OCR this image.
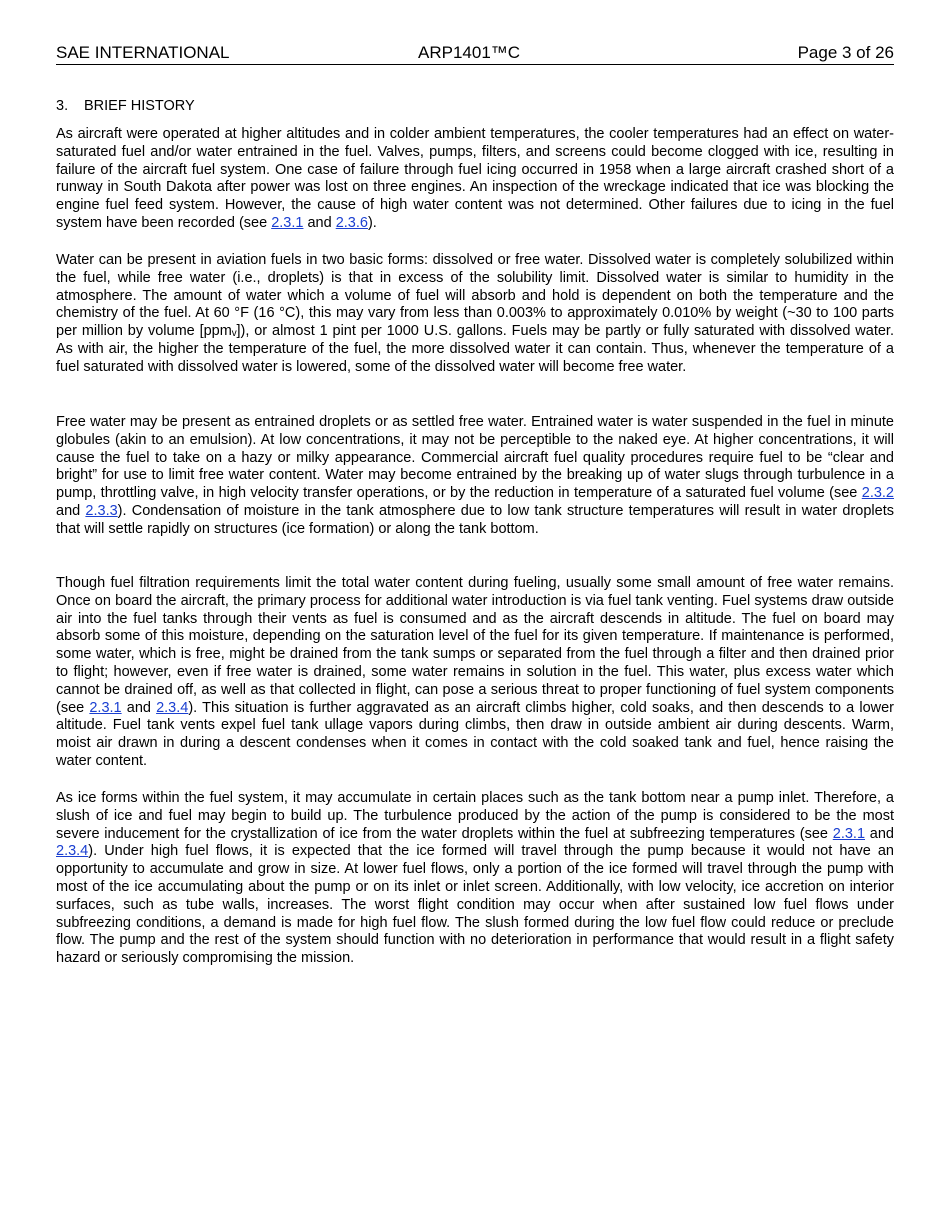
SAE INTERNATIONAL	ARP1401™C	Page 3 of 26
3. BRIEF HISTORY

As aircraft were operated at higher altitudes and in colder ambient temperatures, the cooler temperatures had an effect on water-saturated fuel and/or water entrained in the fuel. Valves, pumps, filters, and screens could become clogged with ice, resulting in failure of the aircraft fuel system. One case of failure through fuel icing occurred in 1958 when a large aircraft crashed short of a runway in South Dakota after power was lost on three engines. An inspection of the wreckage indicated that ice was blocking the engine fuel feed system. However, the cause of high water content was not determined. Other failures due to icing in the fuel system have been recorded (see 2.3.1 and 2.3.6).

Water can be present in aviation fuels in two basic forms: dissolved or free water. Dissolved water is completely solubilized within the fuel, while free water (i.e., droplets) is that in excess of the solubility limit. Dissolved water is similar to humidity in the atmosphere. The amount of water which a volume of fuel will absorb and hold is dependent on both the temperature and the chemistry of the fuel. At 60 °F (16 °C), this may vary from less than 0.003% to approximately 0.010% by weight (~30 to 100 parts per million by volume [ppmᵥ]), or almost 1 pint per 1000 U.S. gallons. Fuels may be partly or fully saturated with dissolved water. As with air, the higher the temperature of the fuel, the more dissolved water it can contain. Thus, whenever the temperature of a fuel saturated with dissolved water is lowered, some of the dissolved water will become free water.

Free water may be present as entrained droplets or as settled free water. Entrained water is water suspended in the fuel in minute globules (akin to an emulsion). At low concentrations, it may not be perceptible to the naked eye. At higher concentrations, it will cause the fuel to take on a hazy or milky appearance. Commercial aircraft fuel quality procedures require fuel to be “clear and bright” for use to limit free water content. Water may become entrained by the breaking up of water slugs through turbulence in a pump, throttling valve, in high velocity transfer operations, or by the reduction in temperature of a saturated fuel volume (see 2.3.2 and 2.3.3). Condensation of moisture in the tank atmosphere due to low tank structure temperatures will result in water droplets that will settle rapidly on structures (ice formation) or along the tank bottom.

Though fuel filtration requirements limit the total water content during fueling, usually some small amount of free water remains. Once on board the aircraft, the primary process for additional water introduction is via fuel tank venting. Fuel systems draw outside air into the fuel tanks through their vents as fuel is consumed and as the aircraft descends in altitude. The fuel on board may absorb some of this moisture, depending on the saturation level of the fuel for its given temperature. If maintenance is performed, some water, which is free, might be drained from the tank sumps or separated from the fuel through a filter and then drained prior to flight; however, even if free water is drained, some water remains in solution in the fuel. This water, plus excess water which cannot be drained off, as well as that collected in flight, can pose a serious threat to proper functioning of fuel system components (see 2.3.1 and 2.3.4). This situation is further aggravated as an aircraft climbs higher, cold soaks, and then descends to a lower altitude. Fuel tank vents expel fuel tank ullage vapors during climbs, then draw in outside ambient air during descents. Warm, moist air drawn in during a descent condenses when it comes in contact with the cold soaked tank and fuel, hence raising the water content.

As ice forms within the fuel system, it may accumulate in certain places such as the tank bottom near a pump inlet. Therefore, a slush of ice and fuel may begin to build up. The turbulence produced by the action of the pump is considered to be the most severe inducement for the crystallization of ice from the water droplets within the fuel at subfreezing temperatures (see 2.3.1 and 2.3.4). Under high fuel flows, it is expected that the ice formed will travel through the pump because it would not have an opportunity to accumulate and grow in size. At lower fuel flows, only a portion of the ice formed will travel through the pump with most of the ice accumulating about the pump or on its inlet or inlet screen. Additionally, with low velocity, ice accretion on interior surfaces, such as tube walls, increases. The worst flight condition may occur when after sustained low fuel flows under subfreezing conditions, a demand is made for high fuel flow. The slush formed during the low fuel flow could reduce or preclude flow. The pump and the rest of the system should function with no deterioration in performance that would result in a flight safety hazard or seriously compromising the mission.
